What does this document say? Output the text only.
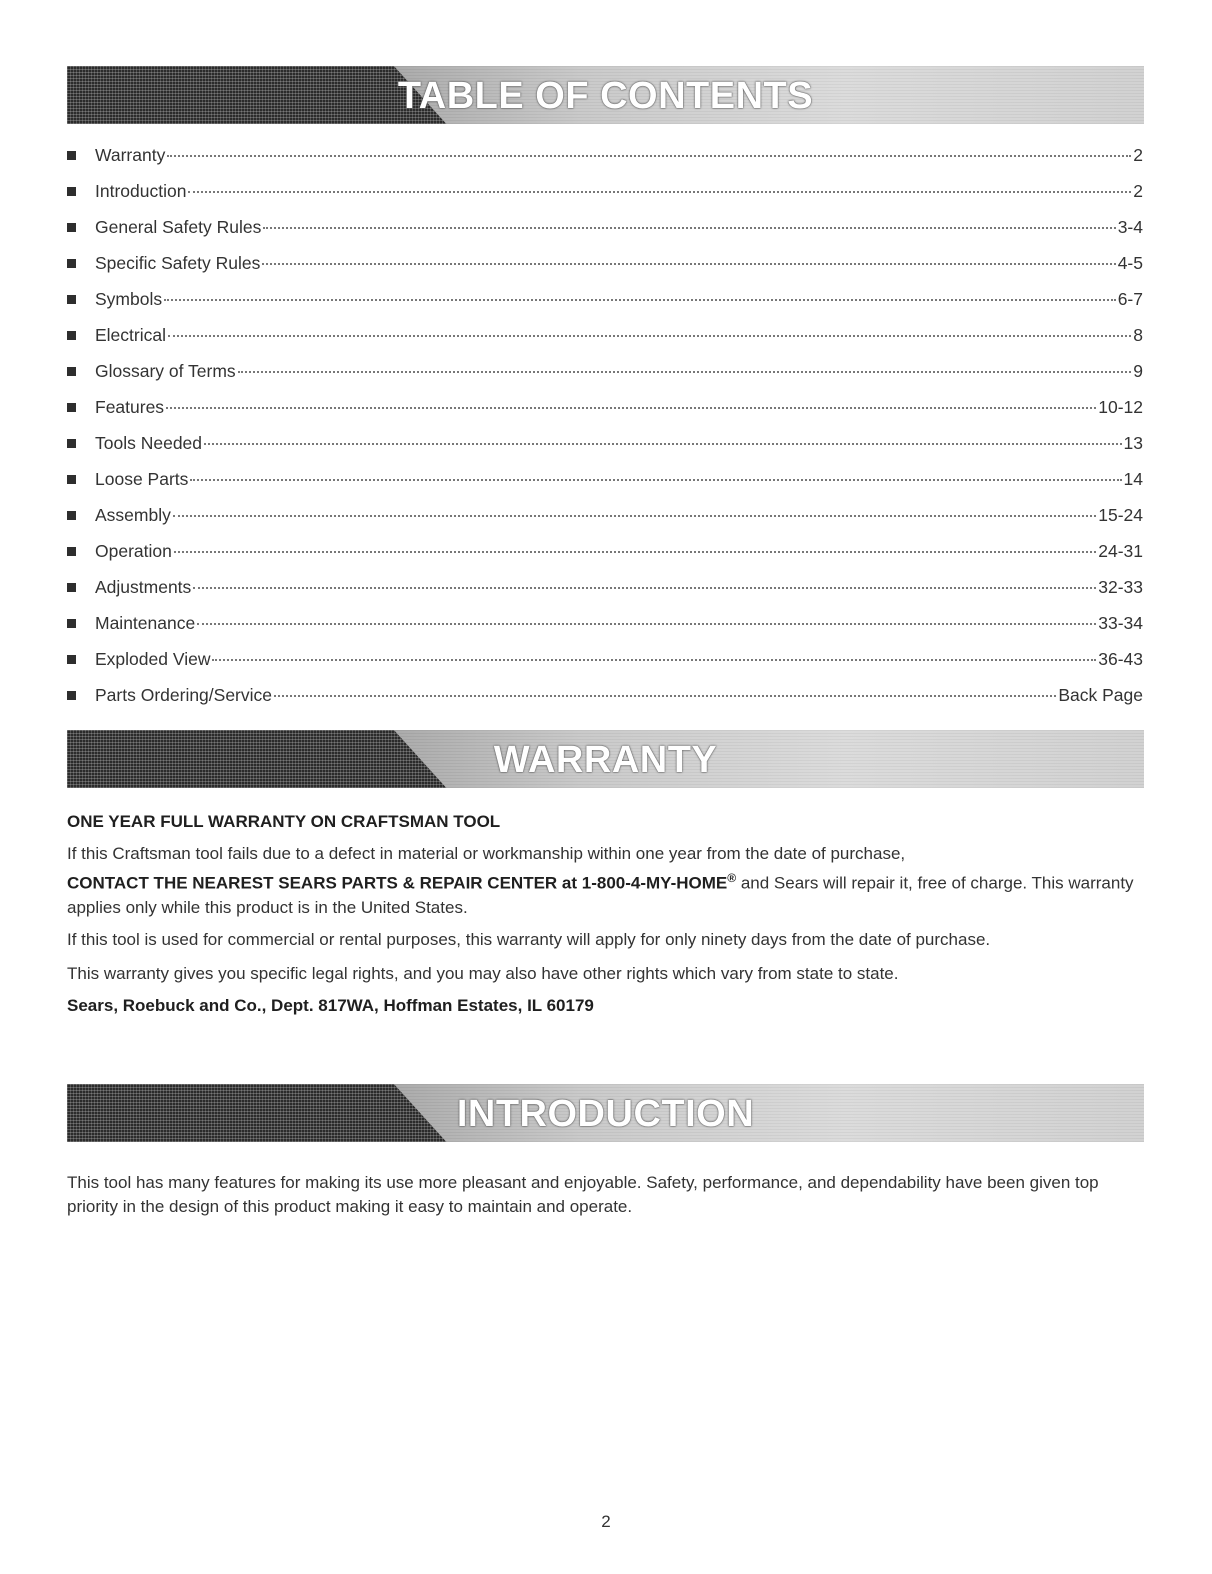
TABLE OF CONTENTS
Warranty	2
Introduction	2
General Safety Rules	3-4
Specific Safety Rules	4-5
Symbols	6-7
Electrical	8
Glossary of Terms	9
Features	10-12
Tools Needed	13
Loose Parts	14
Assembly	15-24
Operation	24-31
Adjustments	32-33
Maintenance	33-34
Exploded View	36-43
Parts Ordering/Service	Back Page
WARRANTY

ONE YEAR FULL WARRANTY ON CRAFTSMAN TOOL

If this Craftsman tool fails due to a defect in material or workmanship within one year from the date of purchase,
CONTACT THE NEAREST SEARS PARTS & REPAIR CENTER at 1-800-4-MY-HOME® and Sears will repair it, free of charge. This warranty applies only while this product is in the United States.

If this tool is used for commercial or rental purposes, this warranty will apply for only ninety days from the date of purchase.

This warranty gives you specific legal rights, and you may also have other rights which vary from state to state.

Sears, Roebuck and Co., Dept. 817WA, Hoffman Estates, IL 60179

INTRODUCTION

This tool has many features for making its use more pleasant and enjoyable. Safety, performance, and dependability have been given top priority in the design of this product making it easy to maintain and operate.

2
